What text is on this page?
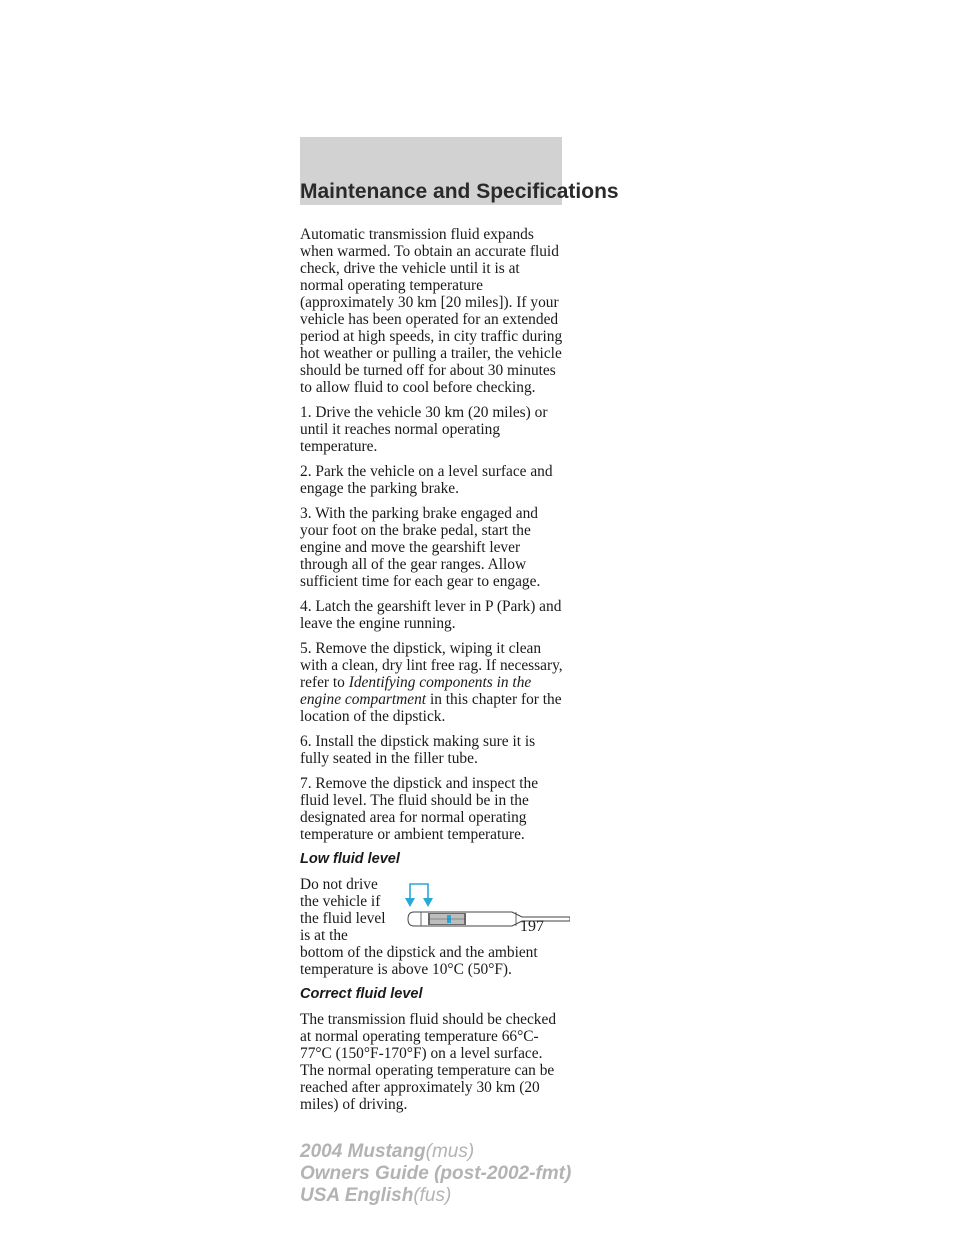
Maintenance and Specifications

Automatic transmission fluid expands when warmed. To obtain an accurate fluid check, drive the vehicle until it is at normal operating temperature (approximately 30 km [20 miles]). If your vehicle has been operated for an extended period at high speeds, in city traffic during hot weather or pulling a trailer, the vehicle should be turned off for about 30 minutes to allow fluid to cool before checking.

1. Drive the vehicle 30 km (20 miles) or until it reaches normal operating temperature.

2. Park the vehicle on a level surface and engage the parking brake.

3. With the parking brake engaged and your foot on the brake pedal, start the engine and move the gearshift lever through all of the gear ranges. Allow sufficient time for each gear to engage.

4. Latch the gearshift lever in P (Park) and leave the engine running.

5. Remove the dipstick, wiping it clean with a clean, dry lint free rag. If necessary, refer to Identifying components in the engine compartment in this chapter for the location of the dipstick.

6. Install the dipstick making sure it is fully seated in the filler tube.

7. Remove the dipstick and inspect the fluid level. The fluid should be in the designated area for normal operating temperature or ambient temperature.

Low fluid level

Do not drive the vehicle if the fluid level is at the bottom of the dipstick and the ambient temperature is above 10°C (50°F).

Correct fluid level

The transmission fluid should be checked at normal operating temperature 66°C-77°C (150°F-170°F) on a level surface. The normal operating temperature can be reached after approximately 30 km (20 miles) of driving.

197
2004 Mustang(mus)
Owners Guide (post-2002-fmt)
USA English(fus)
